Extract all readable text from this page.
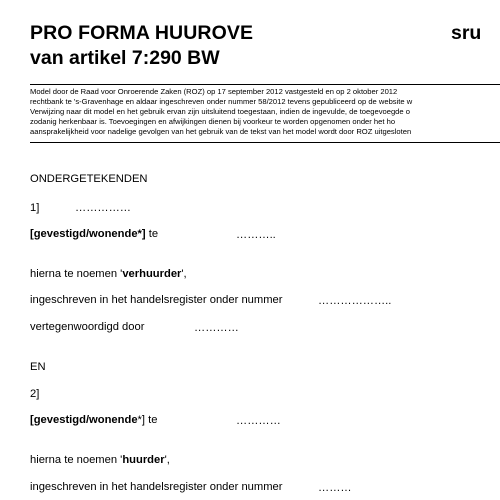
PRO FORMA HUUROVE	sru
van artikel 7:290 BW
Model door de Raad voor Onroerende Zaken (ROZ) op 17 september 2012 vastgesteld en op 2 oktober 2012
rechtbank te 's-Gravenhage en aldaar ingeschreven onder nummer 58/2012 tevens gepubliceerd op de website w
Verwijzing naar dit model en het gebruik ervan zijn uitsluitend toegestaan, indien de ingevulde, de toegevoegde o
zodanig herkenbaar is. Toevoegingen en afwijkingen dienen bij voorkeur te worden opgenomen onder het ho
aansprakelijkheid voor nadelige gevolgen van het gebruik van de tekst van het model wordt door ROZ uitgesloten
ONDERGETEKENDEN
1]	……………
[gevestigd/wonende*] te	………..
hierna te noemen 'verhuurder',
ingeschreven in het handelsregister onder nummer	………………..
vertegenwoordigd door	…………
EN
2]
[gevestigd/wonende*] te	…………
hierna te noemen 'huurder',
ingeschreven in het handelsregister onder nummer	………
